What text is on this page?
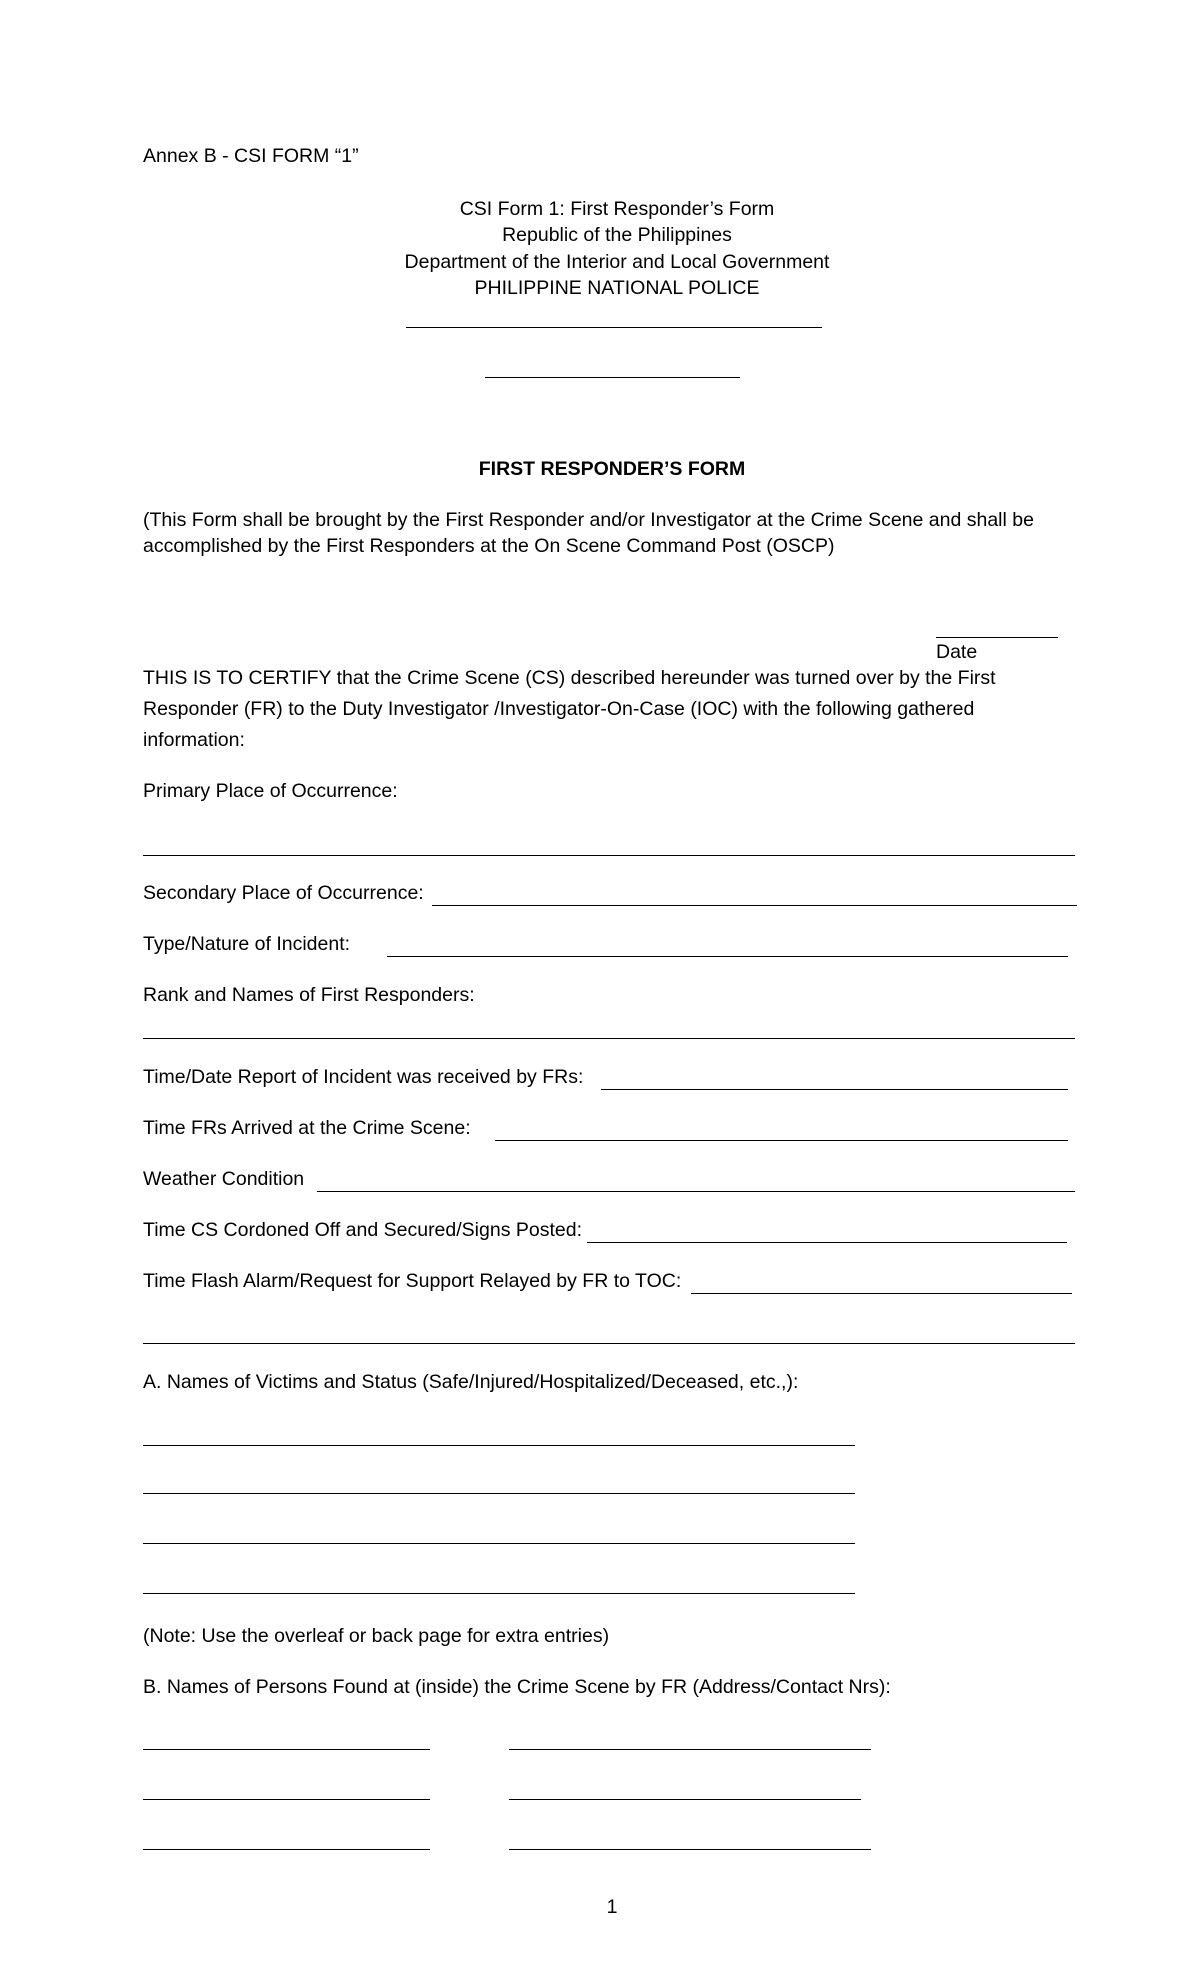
Annex B - CSI FORM “1”
CSI Form 1: First Responder’s Form
Republic of the Philippines
Department of the Interior and Local Government
PHILIPPINE NATIONAL POLICE
FIRST RESPONDER’S FORM
(This Form shall be brought by the First Responder and/or Investigator at the Crime Scene and shall be
accomplished by the First Responders at the On Scene Command Post (OSCP)
Date
THIS IS TO CERTIFY that the Crime Scene (CS) described hereunder was turned over by the First
Responder (FR) to the Duty Investigator /Investigator-On-Case (IOC) with the following gathered
information:
Primary Place of Occurrence:
Secondary Place of Occurrence:
Type/Nature of Incident:
Rank and Names of First Responders:
Time/Date Report of Incident was received by FRs:
Time FRs Arrived at the Crime Scene:
Weather Condition
Time CS Cordoned Off and Secured/Signs Posted:
Time Flash Alarm/Request for Support Relayed by FR to TOC:
A. Names of Victims and Status (Safe/Injured/Hospitalized/Deceased, etc.,):
(Note: Use the overleaf or back page for extra entries)
B. Names of Persons Found at (inside) the Crime Scene by FR (Address/Contact Nrs):
1
